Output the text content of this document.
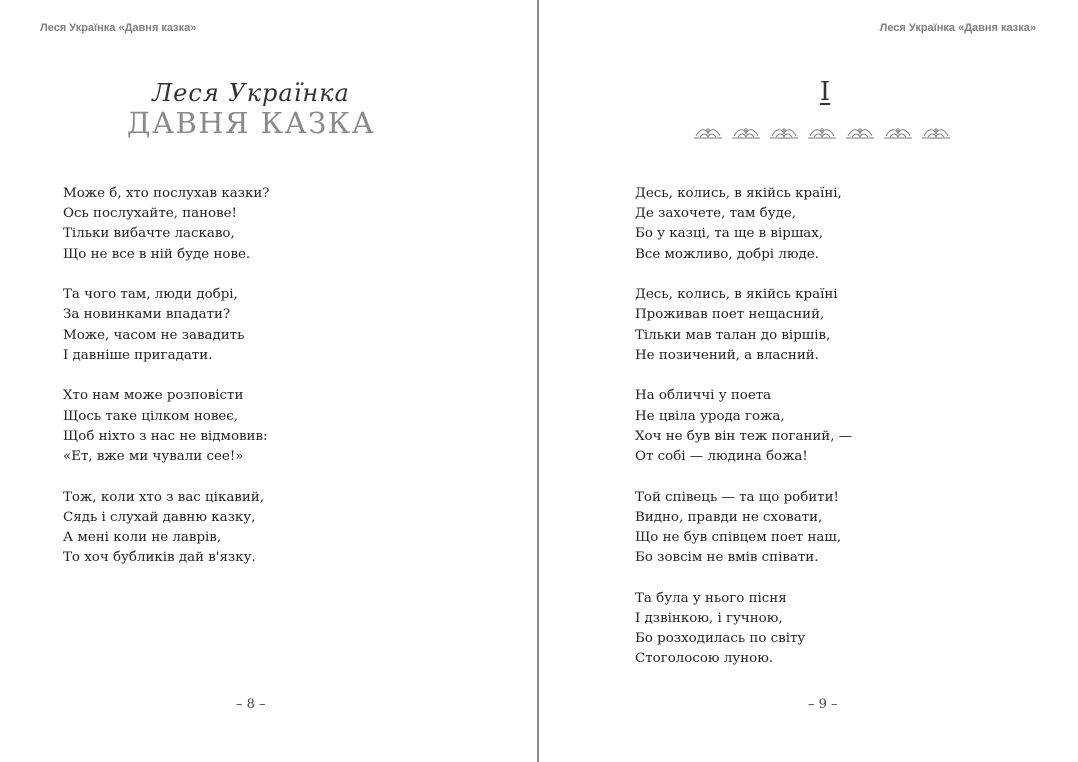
Леся Українка «Давня казка»
Леся Українка
ДАВНЯ КАЗКА
Може б, хто послухав казки?
Ось послухайте, панове!
Тільки вибачте ласкаво,
Що не все в ній буде нове.
Та чого там, люди добрі,
За новинками впадати?
Може, часом не завадить
І давніше пригадати.
Хто нам може розповісти
Щось таке цілком новеє,
Щоб ніхто з нас не відмовив:
«Ет, вже ми чували сее!»
Тож, коли хто з вас цікавий,
Сядь і слухай давню казку,
А мені коли не лаврів,
То хоч бубликів дай в'язку.
– 8 –
Леся Українка «Давня казка»
I
Десь, колись, в якійсь країні,
Де захочете, там буде,
Бо у казці, та ще в віршах,
Все можливо, добрі люде.
Десь, колись, в якійсь країні
Проживав поет нещасний,
Тільки мав талан до віршів,
Не позичений, а власний.
На обличчі у поета
Не цвіла урода гожа,
Хоч не був він теж поганий, —
От собі — людина божа!
Той співець — та що робити!
Видно, правди не сховати,
Що не був співцем поет наш,
Бо зовсім не вмів співати.
Та була у нього пісня
І дзвінкою, і гучною,
Бо розходилась по світу
Стоголосою луною.
– 9 –
